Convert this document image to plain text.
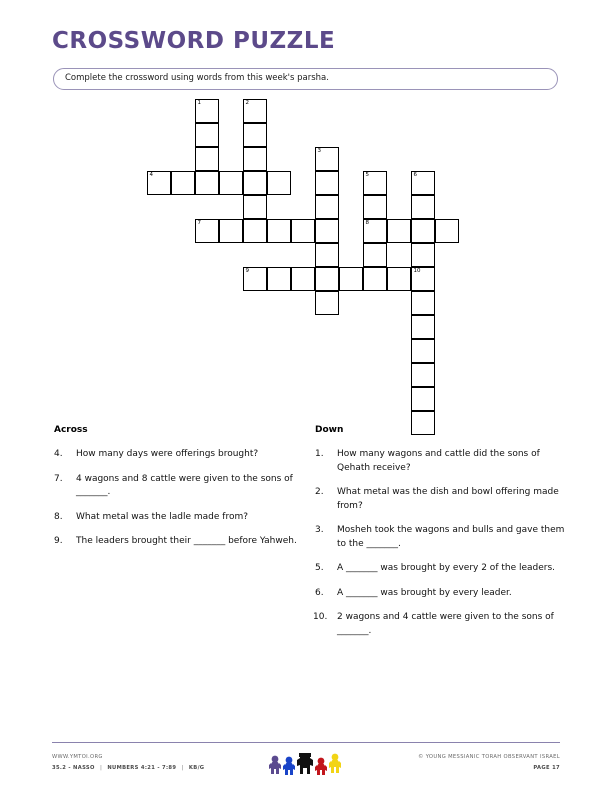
CROSSWORD PUZZLE
Complete the crossword using words from this week's parsha.
1	2
3
4	5	6
7	8
9	10
Across
4. How many days were offerings brought?
7. 4 wagons and 8 cattle were given to the sons of _______.
8. What metal was the ladle made from?
9. The leaders brought their _______ before Yahweh.
Down
1. How many wagons and cattle did the sons of Qehath receive?
2. What metal was the dish and bowl offering made from?
3. Mosheh took the wagons and bulls and gave them to the _______.
5. A _______ was brought by every 2 of the leaders.
6. A _______ was brought by every leader.
10. 2 wagons and 4 cattle were given to the sons of _______.
WWW.YMTOI.ORG
35.2 - NASSO | NUMBERS 4:21 - 7:89 | KB/G
© YOUNG MESSIANIC TORAH OBSERVANT ISRAEL
PAGE 17
